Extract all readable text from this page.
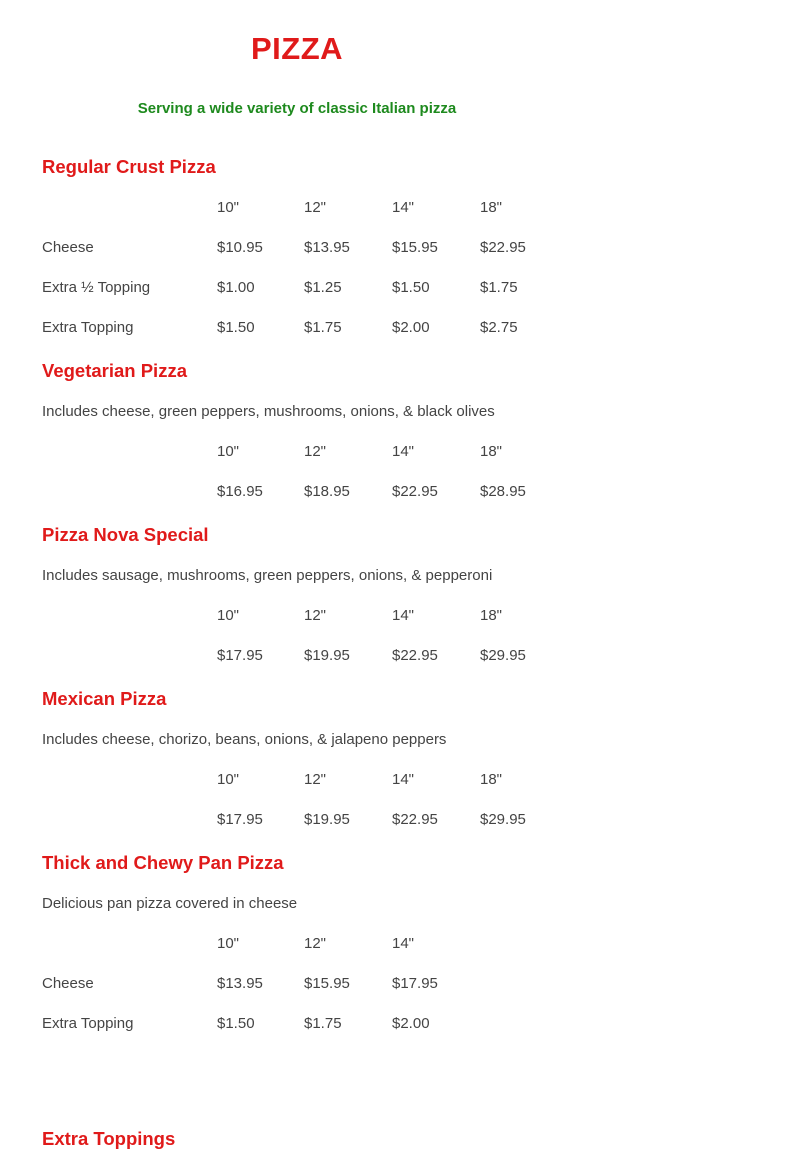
PIZZA
Serving a wide variety of classic Italian pizza
Regular Crust Pizza
10"	12"	14"	18"
Cheese	$10.95	$13.95	$15.95	$22.95
Extra ½ Topping	$1.00	$1.25	$1.50	$1.75
Extra Topping	$1.50	$1.75	$2.00	$2.75
Vegetarian Pizza
Includes cheese, green peppers, mushrooms, onions, & black olives
10"	12"	14"	18"
$16.95	$18.95	$22.95	$28.95
Pizza Nova Special
Includes sausage, mushrooms, green peppers, onions, & pepperoni
10"	12"	14"	18"
$17.95	$19.95	$22.95	$29.95
Mexican Pizza
Includes cheese, chorizo, beans, onions, & jalapeno peppers
10"	12"	14"	18"
$17.95	$19.95	$22.95	$29.95
Thick and Chewy Pan Pizza
Delicious pan pizza covered in cheese
10"	12"	14"
Cheese	$13.95	$15.95	$17.95
Extra Topping	$1.50	$1.75	$2.00
Extra Toppings
